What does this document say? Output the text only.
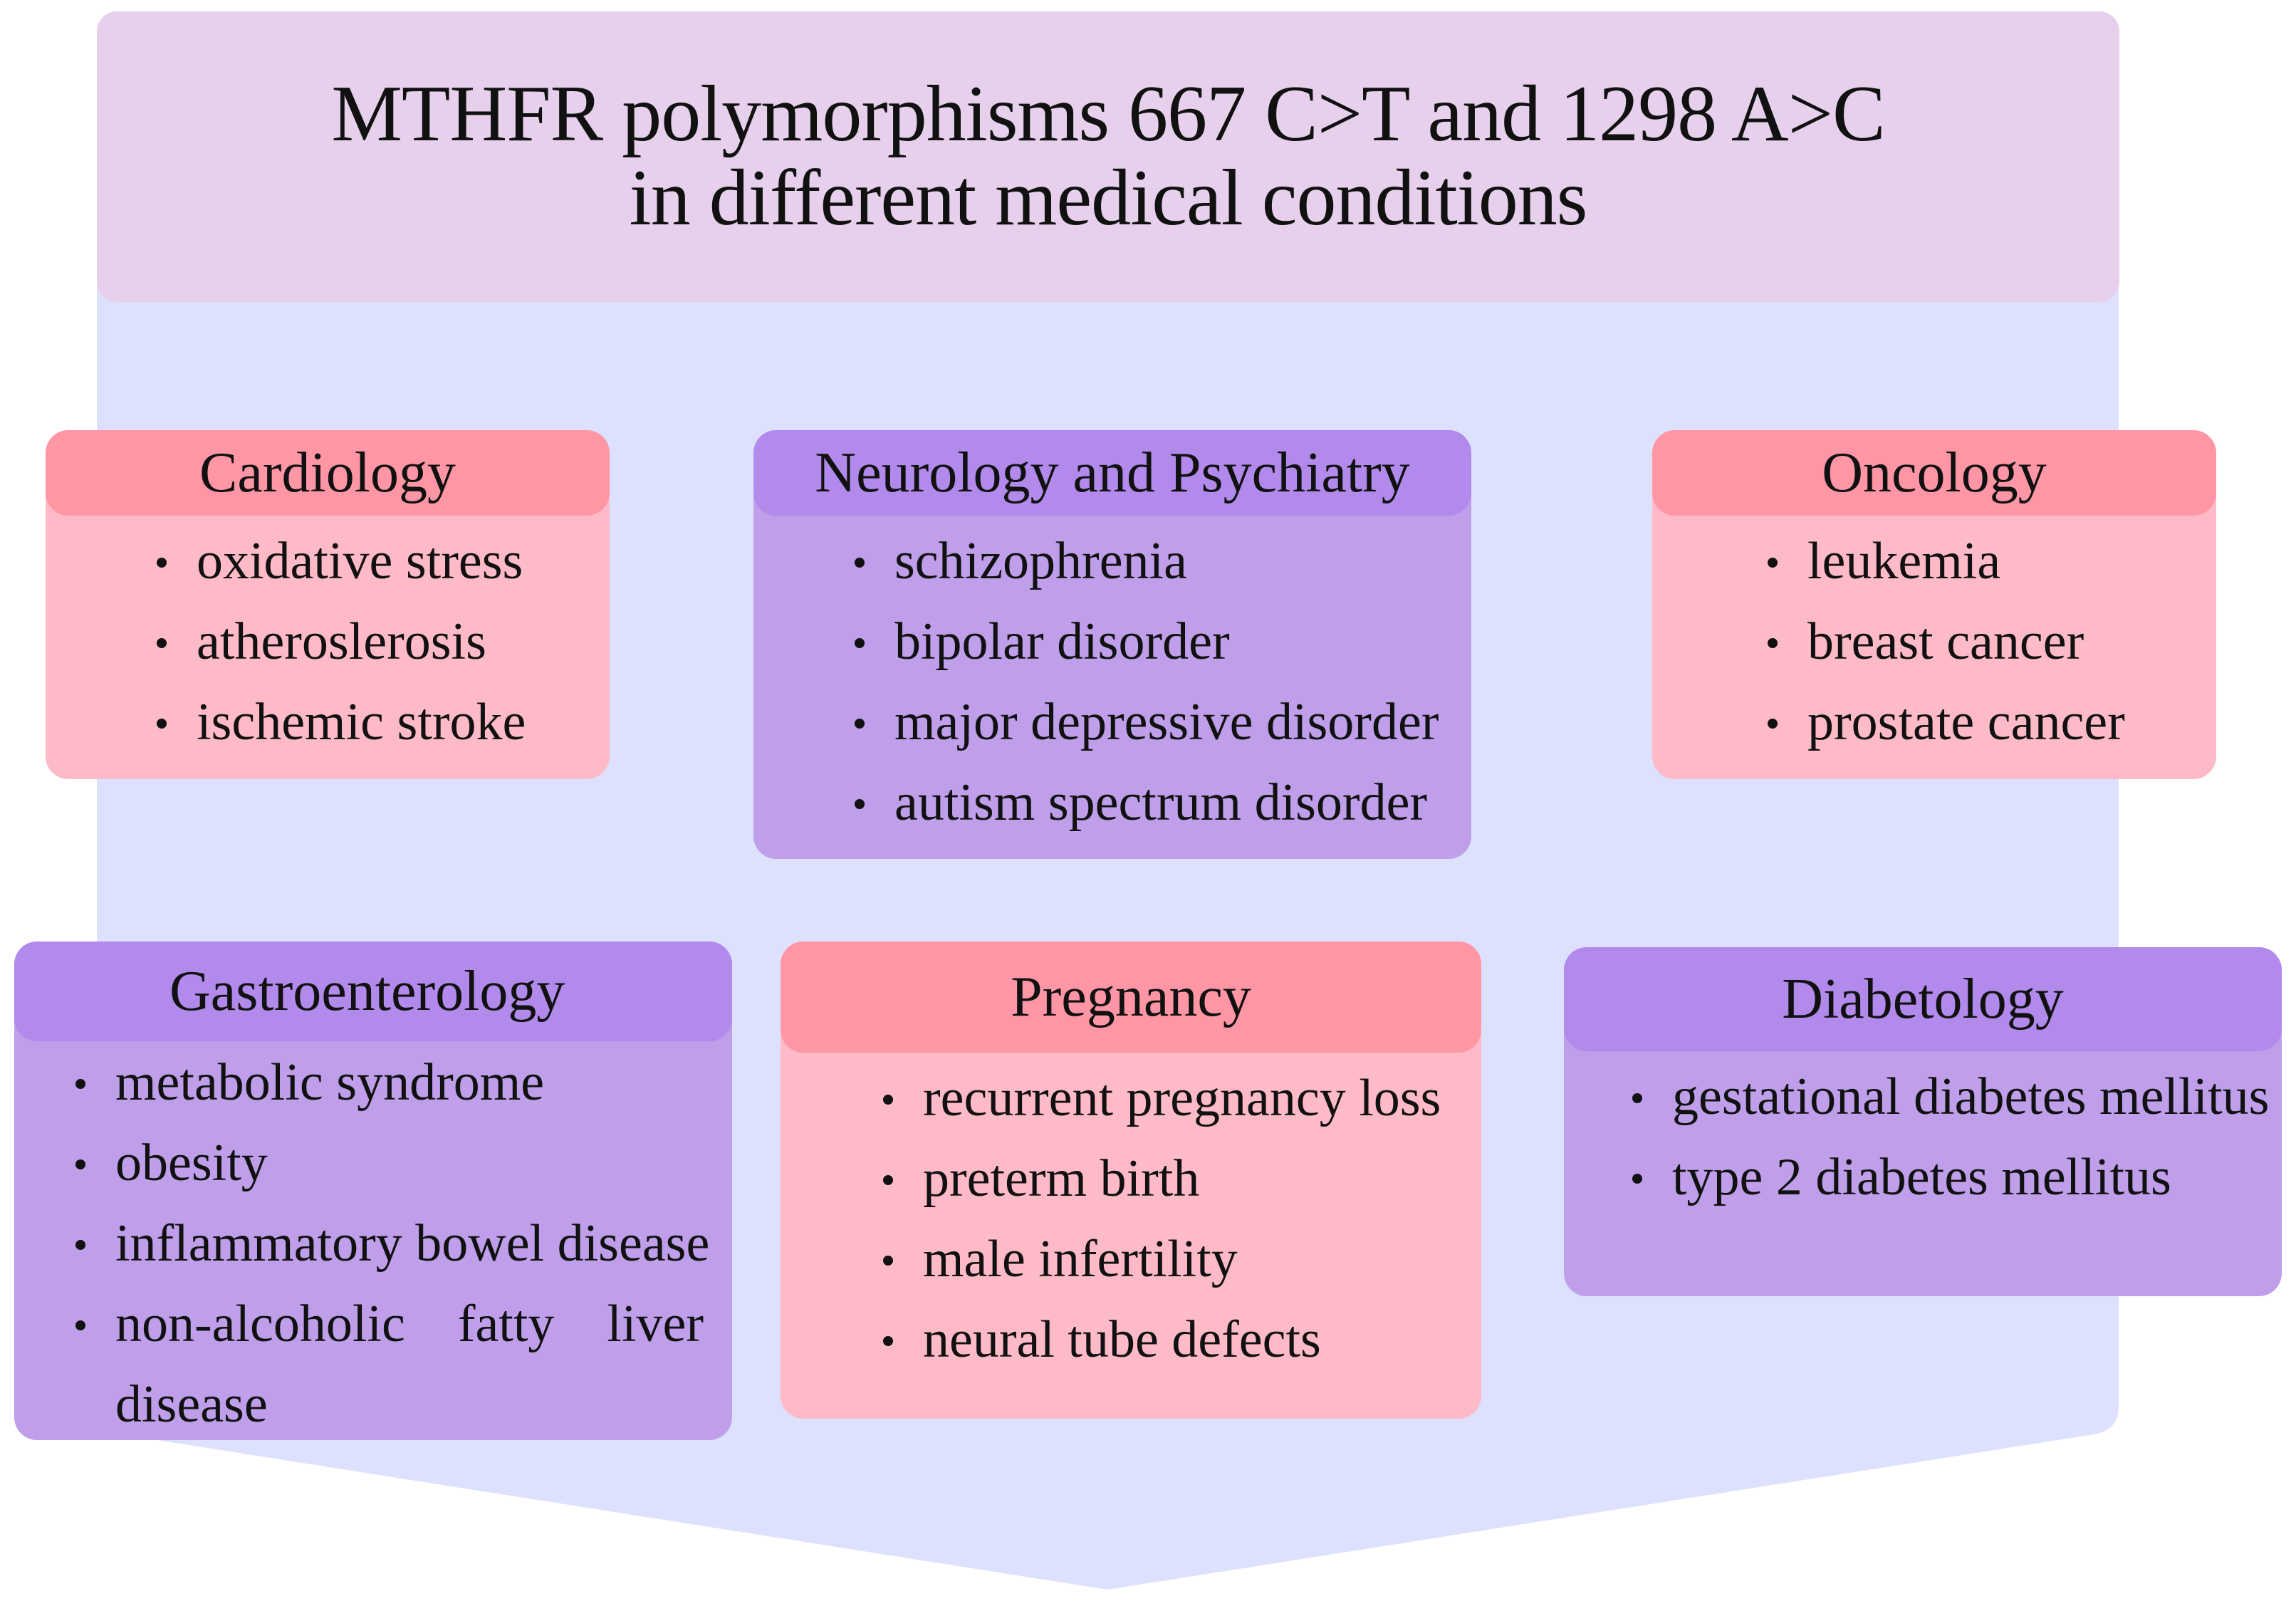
MTHFR polymorphisms 667 C>T and 1298 A>C
in different medical conditions
Cardiology
oxidative stress
atheroslerosis
ischemic stroke
Neurology and Psychiatry
schizophrenia
bipolar disorder
major depressive disorder
autism spectrum disorder
Oncology
leukemia
breast cancer
prostate cancer
Gastroenterology
metabolic syndrome
obesity
inflammatory bowel disease
non-alcoholic fatty liver disease
Pregnancy
recurrent pregnancy loss
preterm birth
male infertility
neural tube defects
Diabetology
gestational diabetes mellitus
type 2 diabetes mellitus
